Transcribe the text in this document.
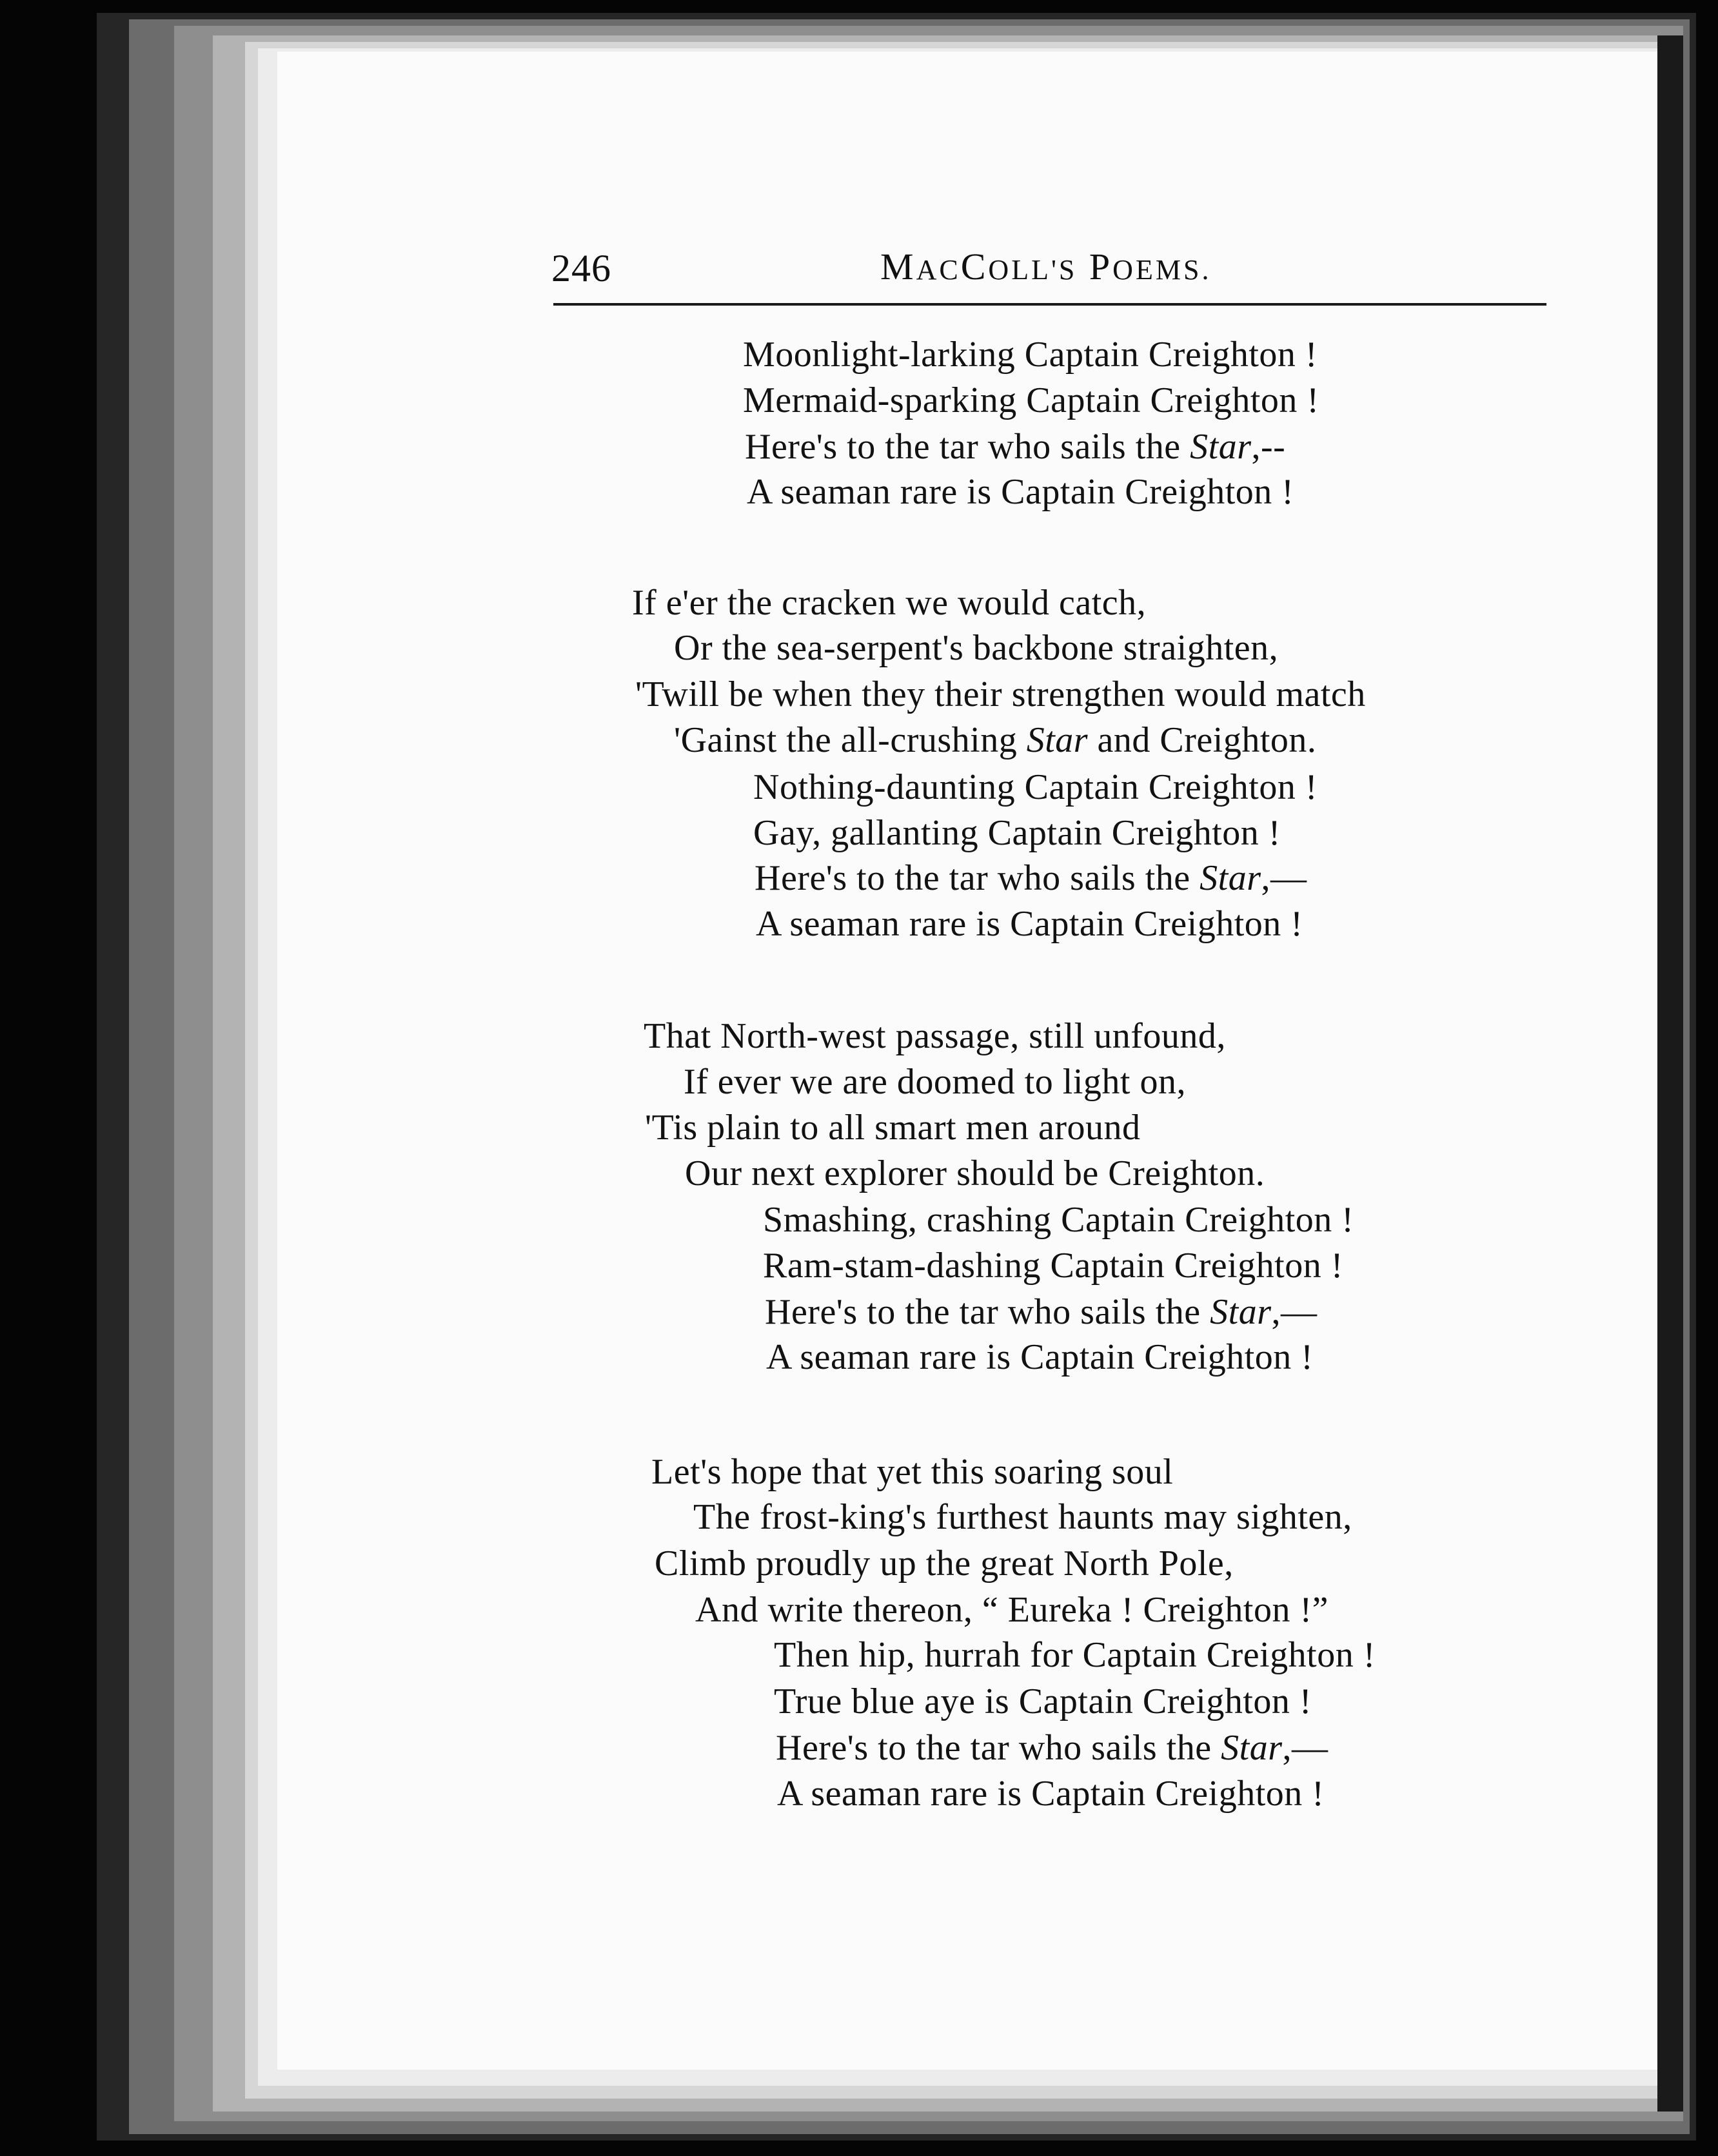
246	MACCOLL'S POEMS.
Moonlight-larking Captain Creighton !
Mermaid-sparking Captain Creighton !
Here's to the tar who sails the Star,--
A seaman rare is Captain Creighton !
If e'er the cracken we would catch,
Or the sea-serpent's backbone straighten,
'Twill be when they their strengthen would match
'Gainst the all-crushing Star and Creighton.
Nothing-daunting Captain Creighton !
Gay, gallanting Captain Creighton !
Here's to the tar who sails the Star,—
A seaman rare is Captain Creighton !
That North-west passage, still unfound,
If ever we are doomed to light on,
'Tis plain to all smart men around
Our next explorer should be Creighton.
Smashing, crashing Captain Creighton !
Ram-stam-dashing Captain Creighton !
Here's to the tar who sails the Star,—
A seaman rare is Captain Creighton !
Let's hope that yet this soaring soul
The frost-king's furthest haunts may sighten,
Climb proudly up the great North Pole,
And write thereon, “ Eureka ! Creighton !”
Then hip, hurrah for Captain Creighton !
True blue aye is Captain Creighton !
Here's to the tar who sails the Star,—
A seaman rare is Captain Creighton !
